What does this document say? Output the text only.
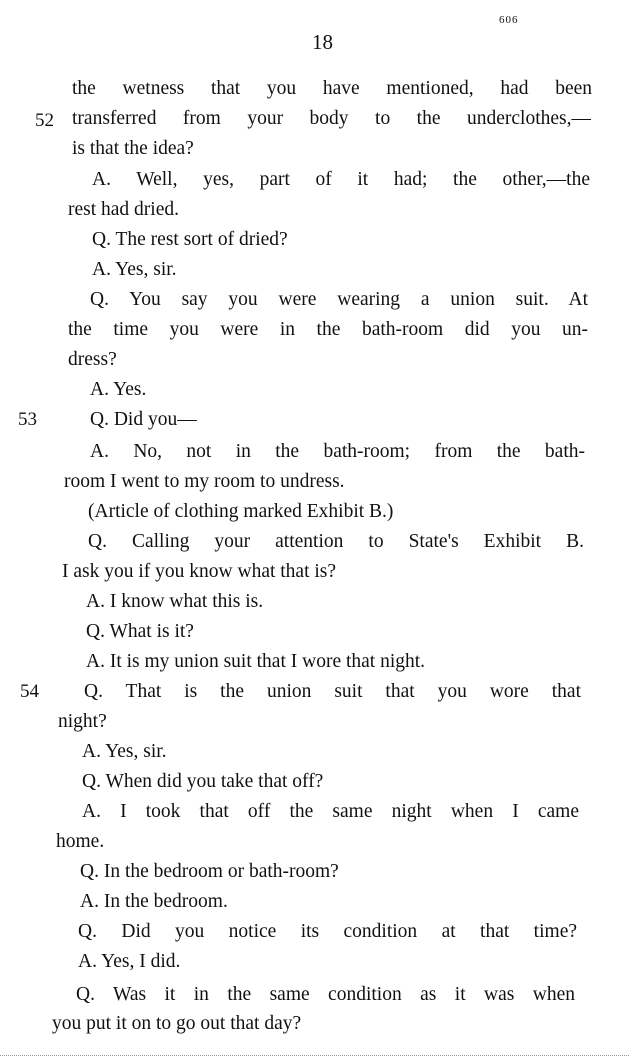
606
18
52
53
54
the wetness that you have mentioned, had been
transferred from your body to the underclothes,—
is that the idea?
A. Well, yes, part of it had; the other,—the
rest had dried.
Q. The rest sort of dried?
A. Yes, sir.
Q. You say you were wearing a union suit. At
the time you were in the bath-room did you un-
dress?
A. Yes.
Q. Did you—
A. No, not in the bath-room; from the bath-
room I went to my room to undress.
(Article of clothing marked Exhibit B.)
Q. Calling your attention to State's Exhibit B.
I ask you if you know what that is?
A. I know what this is.
Q. What is it?
A. It is my union suit that I wore that night.
Q. That is the union suit that you wore that
night?
A. Yes, sir.
Q. When did you take that off?
A. I took that off the same night when I came
home.
Q. In the bedroom or bath-room?
A. In the bedroom.
Q. Did you notice its condition at that time?
A. Yes, I did.
Q. Was it in the same condition as it was when
you put it on to go out that day?
